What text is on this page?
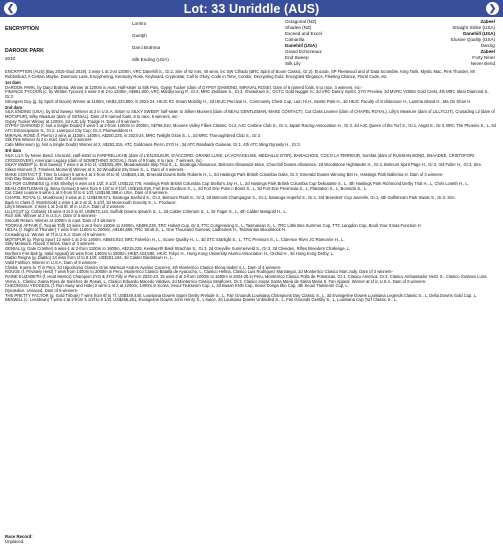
❮	Lot: 33 Unriddle (AUS)	❯
ENCRYPTION
DAROOK PARK
2010
Lonhro
Guelph
Darci Brahma
Silk Ending (USA)
Octagonal (NZ)
Shadea (NZ)
Exceed and Excel
Camarilla
Danehill (USA)
Grand Echezeaux
End Sweep
Silk Lily
Zabeel
Straight Strike (USA)
Danehill (USA)
Elusive Quality (USA)
Danzig
Zabeel
Forty Niner
Never Bend

ENCRYPTION (AUS) (Bay 2015-Stud 2019). 2 wins-1 at 2-at 1200m, VRC Danehill S., Gr.2. Sire of 92 rnrs, 40 wnrs, inc SW Cifrado (BRC Spirit of Boom Classic, Gr.2), Encode, SP Fleetwood and of Data Scramble, King Tarik, Mystic Mac, Pink Thunder, Mr Rubbishoid, A Certain Maybe, Dunmoor Lass, Encyphering, Kentucky Rose, Keyboard, Cryptostar, Call to Glory, Code in Time, Condor, Decrypting Gold, Encrypted Elegance, Fleeting Chance, Floral Code, etc.

1st dam

DAROOK PARK, by Darci Brahma. Winner at 1200m in Aust. Half-sister to Silk Pins, Gypsy Tucker (dam of GYPSY DIAMOND, MIRAVAL ROSE). Dam of 6 named foals, 5 to race, 3 winners, inc:-

FINANCE TYCOON (c. by Written Tycoon) 4 wins-3 at 2-to 1200m, A$961,000, VRC Maribyrnong P., Gr.3, MRC Zeditave S., Gr.3, Showdown S., GCTC Gold Nugget H., 2d VRC Danny Sprint, 2YO Preview, 3d MVRC VOBIS Gold Crest, 4th MRC Ideal Diamond S., Gr.3.

Strongest Guy (g. by Spirit of Boom) Winner at 1100m, HK$2,433,800, in 2023-24, HKJC KC Smart Mobility H., 2d HKJC Percival H., Community Chest Cup, Lam Hi H., Monte Park H., 3d HKJC Faculty of Architecture H., Lamma Island H., Ma On Shan H.

2nd dam

SILK ENDING (USA), by End Sweep. Winner at 2 in U.S.A. Sister to SILKY SWEEP, half-sister to Silken Moment (dam of BEAU GENTLEMAN, MAKE CONTACT). Cut Class Leanne (dam of CHAPEL ROYAL), Lilly's Measure (dam of LILLYCUT), Crusading Lil (dam of MOTSPUR), Silky Measure (dam of GENIAL). Dam of 9 named foals, 8 to race, 6 winners, inc:-

Gypsy Tucker Winner at 1200m, 2d AJC Lily Trudge H. Dam of 5 winners-

GYPSY DIAMOND (f. Not a Single Doubt) 4 wins-1 at 2-from 1200m to 2000m, A$796,010, Moonee Valley Fillies Classic, Gr.2, AJC Carbine Club S., Gr.3, Japan Racing Association H., Gr.3, 2d AJC Queen of the Turf S., Gr.1, Angst S., Gr.3, BRC The Phoenix S., L, 3d ATC Emancipation S., Gr.2, Liverpool City Cup, Gr.3, Plumwedders H.

MIRAVAL ROSE (f. Pierro) 2 wins at 1100m, 1400m, A$200,225, in 2023-24, MRC Twilight Glow S., L, 2d MRC Thoroughbred Club S., Gr.3.

Silk Pins Winner at 2 in Aust. Dam of 3 winners-

Cafe Millennium (g. Not a Single Doubt) Winner at 2, A$252,315, ATC Goldmans Pierro 2YO H., 3d ATC Randwick Guineas, Gr.1, 4th ATC Ming Dynasty H., Gr.3.

3rd dam

SILK LILY, by Never Bend. Unraced. Half-sister to FANFRELUCHE (dam of L'ENJOLEUR, D'ACCORD, GRAND LUXE, LA VOYAGEUSE, MEDAILLE D'OR), BARACHOIS, COCO LA TERREUR, Somfas (dam of RUSSIAN BOND, SNAADEE, CRISTOFORI CROSSOVER), American Legacy (dam of SOMETHING SOCIAL). Dam of 9 foals, 8 to race, 7 winners, inc:-

SILKY SWEEP (c. End Sweep) 7 wins-2 at 2-to 1f, US$325,309, Meadowlands Skip Trial S., L, Saratoga Allowance, Belmont Allowance-twice, Churchill Downs Allowance, 2d Woodstone Highlander H., Gr.3, Belmont Spirit Page H., Gr.3, 3rd Fuller H., Gr.3, Sire.

Silken Moment (f. Timeless Moment) Winner at 2, 2d Woodbine Ety Dave S., L. Dam of 4 winners-

MAKE CONTACT (f. Time to Leave) 5 wins-4 at 2-from 6f to 9f, US$820,145, Emerald Downs Belle Roberts H., L, 2d Hastings Park British Columbia Oaks, Gr.3, Emerald Downs Winning Bet H., Hastings Park Ballerina H. Dam of 3 winners-

Irish Day Dance. Unraced. Dam of 4 winners-

GO FOR GUINNESS (g. Irish Shelby) 6 wins at 6 1/2f, 8 1/2f, US$122,778, Hastings Park British Columbia Cup Stellar's Jay H., L, 2d Hastings Park British Columbia Cup Debutante S., L, 4th Hastings Park Richmond Derby Trial H., L, Chris Loseth H., L.

BEAU GENTLEMAN (g. Beau Genius) 5 wins from 5 1/2f to 8 1/2f, US$165,036, Fort Erie Dunburn S., L, 2d Fort Erie Puss n Boots S., L, 3d Fort Erie Peninsula S., L, Plantation S., L, Bonnicki S., L.

Cut Class Leanne 5 wins-1 at 2-from 5f to 8 1/2f, US$168,386 in USA. Dam of 6 winners-

CHAPEL ROYAL (c. Montbrook) 3 wins at 2, US$439,571, Saratoga Sanford S., Gr.2, Belmont Flash S., Gr.3, 2d Belmont Champagne S., Gr.1, Saratoga Hopeful S., Gr.1, 3rd Breeders' Cup Juvenile, Gr.1, 4th Gulfstream Park Swale S., Gr.3. Sire.

Back to Class (f. Montbrook) 2 wins-1 at 2-at 1f, 5 1/2f, 3d Monmouth Sorority S., L. Producer.

Lilly's Measure. 2 wins-1 at 2-at 5f, 6f in U.S.A. Dam of 2 winners-

LILLYCUT (g. Cutlass) 16 wins-3 at 2-to 6f, US$572,142, Suffolk Downs Ipswich S., L, 2d Calder Criterium S., L, Dr Fager S., L, 4th Calder Marigold H., L.

Rich Silk. Winner at 2 in U.S.A. Dam of 5 winners-

Smooth Return. Winner at 1000m in Aust. Dam of 3 winners-

TOORAK AFFAIR (f. Toorak Toff) 10 wins-1 at 2-from 1100m to 2400m, A$489,225, TRC Hobart Cup, Gr.3, TTC Cosgreening S., L, Tasmanian S., L, TRC Little Bee Summer Cup, TTC Langdon Cup, Book Your Xmas Function H.

HELAL (f. Night of Thunder) 7 wins from 1100m to 2000m, A$182,655, TRC Strutt S., L, One Thousand Guineas, Ladbrokes H., Tasmanian Bloodstock H.

Crusading Lil. Winner at 7f in U.S.A. Dam of 5 winners-

MOTSPUR (g. Flying Spur) 12 wins-1 at 2-to 1400m, A$645,910, BRC Falvelon H., L, Scone Quality H., L, 3d STC Starlight S., L, TTC Premium S., L, Clarence River JC Ramornie H., L.

Silky Measure. Raced 3 times. Dam of 3 winners-

GENIAL (g. Gate Crasher) 5 wins-1 at 2-from 1100m to 1600m, A$215,225, Kenilworth Basil Strachan S., Gr.3, 2d Greyville Summerveld S., Gr.3, 3d Cliveden, Rifles Breeders Challenge, L.

Northern Fire Ball (g. Valid Appeal) 15 wins from 1400m to 1900m, HK$7,423,590, HKJC Tokyo H., Hong Kong University Alumni Association H., Orchid H., 3d Hong Kong Derby, L.

Diablo Reigns (g. Diablo) 14 wins from 1f to 8 1/2f, US$181,194, 3d Calder Bardstown H., L.

Valid Fashion. Winner in U.S.A. Dam of 8 winners-

Clinika. 5 wins to 7f in Peru, 2d Hipodromo Clasico Gran Mariscal Andres Avelino Caceres, 4th Monterrico Clasico Elena Isabel II, L. Dam of 4 winners-

ROUGE (f. Privately Held) 7 wins from 1400m to 2000m in Peru, Monterrico Clasico Batalla de Ayacucho, L, Clasico Hefina, Clasico Luis Rodriguez Mariategui, 2d Monterrico Clasico Mari Judy. Dam of 3 winners-

RAINE ELIZABETH (f. Heat Mentor) Champion 2YO & 3YO Filly in Peru in 2022-23. 15 wins-2 at 2-from 1000m to 1600m in 2024-25 in Peru, Monterrico Clasico Polla de Potrancas, Gr.1, Clasico America, Gr.3, Clasico Ambassador Hertz S., Clasico Gustavo Luna Verna, L, Clasico Juana Rosa de Sanchez de Rosas, L, Clasico Eduardo Macedo Valdivia, 2d Monterrico Clasico Miraflores, Gr.3, Clasico Haras Santa Maria de Santa Maria S. Fan Appeal. Winner at 1f in U.S.A. Dam of 6 winners-

CHEONGSU YEOGEOL (f. Run Away and Hide) 2 wins-1 at 2-at 1200m, 1400m in Korea, Seoul Ttukseom Cup, L, 2d Busan KNN Cup, Seoul Donga Ilbo Cup, 4th Seoul Ttukseom Cup, L.

Dynasdice. Unraced. Dam of 5 winners-

THE PRETTY FACTOR (g. Gold Tribute) 7 wins from 6f to 7f, US$449,440, Louisiana Downs Super Derby Prelude S., L, Fair Grounds Louisiana Champions Day Classic S., L, 3d Evangeline Downs Louisiana Legends Classic S., L, Delta Downs Gold Cup, L.

BENWILL (c. Leestown) 7 wins-1 at 2-from 5 1/2f to 8 1/2f, US$265,261, Evangeline Downs John Henry S., L-twice, 2d Louisiana Downs Unbridled S., L, Fair Grounds Gentilly S., L, Louisiana Cup Turf Classic S., L.

Race Record:
Unplaced.
